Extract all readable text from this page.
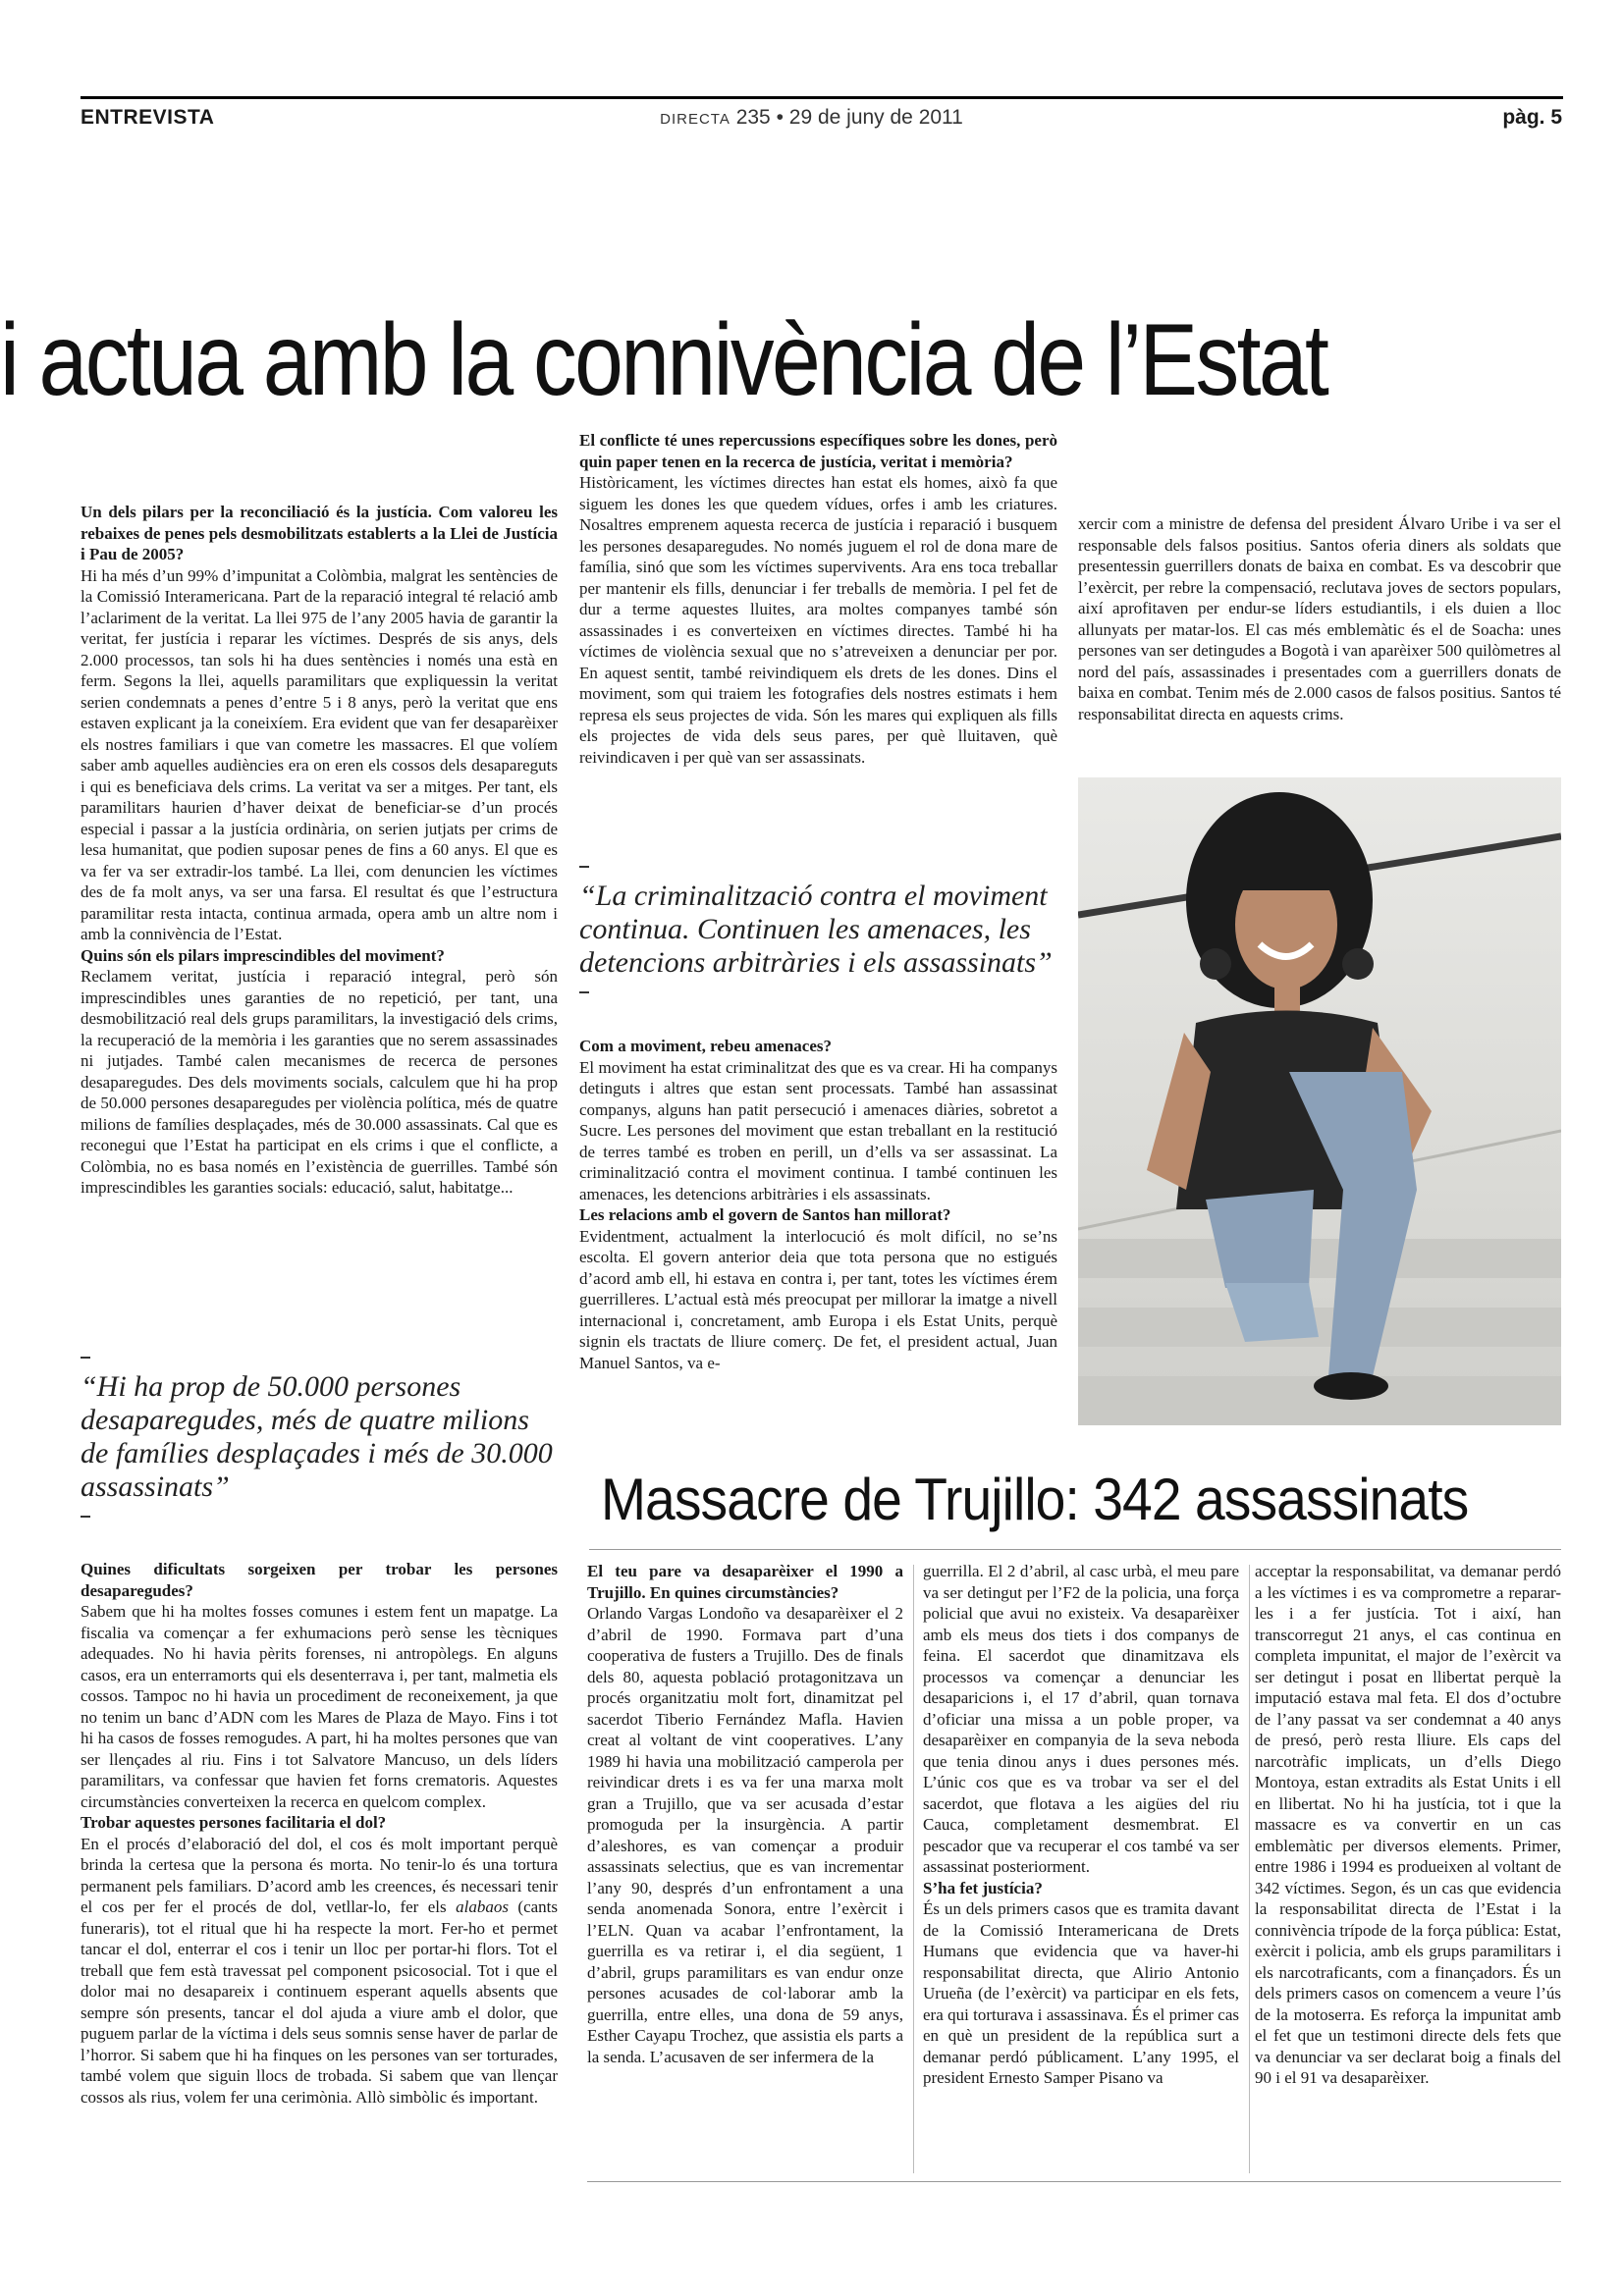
ENTREVISTA	DIRECTA 235 • 29 de juny de 2011	pàg. 5
i actua amb la connivència de l’Estat

Un dels pilars per la reconciliació és la justícia. Com valoreu les rebaixes de penes pels desmobilitzats establerts a la Llei de Justícia i Pau de 2005?

Hi ha més d’un 99% d’impunitat a Colòmbia, malgrat les sentències de la Comissió Interamericana. Part de la reparació integral té relació amb l’aclariment de la veritat. La llei 975 de l’any 2005 havia de garantir la veritat, fer justícia i reparar les víctimes. Després de sis anys, dels 2.000 processos, tan sols hi ha dues sentències i només una està en ferm. Segons la llei, aquells paramilitars que expliquessin la veritat serien condemnats a penes d’entre 5 i 8 anys, però la veritat que ens estaven explicant ja la coneixíem. Era evident que van fer desaparèixer els nostres familiars i que van cometre les massacres. El que volíem saber amb aquelles audiències era on eren els cossos dels desapareguts i qui es beneficiava dels crims. La veritat va ser a mitges. Per tant, els paramilitars haurien d’haver deixat de beneficiar-se d’un procés especial i passar a la justícia ordinària, on serien jutjats per crims de lesa humanitat, que podien suposar penes de fins a 60 anys. El que es va fer va ser extradir-los també. La llei, com denuncien les víctimes des de fa molt anys, va ser una farsa. El resultat és que l’estructura paramilitar resta intacta, continua armada, opera amb un altre nom i amb la connivència de l’Estat.

Quins són els pilars imprescindibles del moviment?

Reclamem veritat, justícia i reparació integral, però són imprescindibles unes garanties de no repetició, per tant, una desmobilització real dels grups paramilitars, la investigació dels crims, la recuperació de la memòria i les garanties que no serem assassinades ni jutjades. També calen mecanismes de recerca de persones desaparegudes. Des dels moviments socials, calculem que hi ha prop de 50.000 persones desaparegudes per violència política, més de quatre milions de famílies desplaçades, més de 30.000 assassinats. Cal que es reconegui que l’Estat ha participat en els crims i que el conflicte, a Colòmbia, no es basa només en l’existència de guerrilles. També són imprescindibles les garanties socials: educació, salut, habitatge...

“Hi ha prop de 50.000 persones desaparegudes, més de quatre milions de famílies desplaçades i més de 30.000 assassinats”

Quines dificultats sorgeixen per trobar les persones desaparegudes?

Sabem que hi ha moltes fosses comunes i estem fent un mapatge. La fiscalia va començar a fer exhumacions però sense les tècniques adequades. No hi havia pèrits forenses, ni antropòlegs. En alguns casos, era un enterramorts qui els desenterrava i, per tant, malmetia els cossos. Tampoc no hi havia un procediment de reconeixement, ja que no tenim un banc d’ADN com les Mares de Plaza de Mayo. Fins i tot hi ha casos de fosses remogudes. A part, hi ha moltes persones que van ser llençades al riu. Fins i tot Salvatore Mancuso, un dels líders paramilitars, va confessar que havien fet forns crematoris. Aquestes circumstàncies converteixen la recerca en quelcom complex.

Trobar aquestes persones facilitaria el dol?

En el procés d’elaboració del dol, el cos és molt important perquè brinda la certesa que la persona és morta. No tenir-lo és una tortura permanent pels familiars. D’acord amb les creences, és necessari tenir el cos per fer el procés de dol, vetllar-lo, fer els alabaos (cants funeraris), tot el ritual que hi ha respecte la mort. Fer-ho et permet tancar el dol, enterrar el cos i tenir un lloc per portar-hi flors. Tot el treball que fem està travessat pel component psicosocial. Tot i que el dolor mai no desapareix i continuem esperant aquells absents que sempre són presents, tancar el dol ajuda a viure amb el dolor, que puguem parlar de la víctima i dels seus somnis sense haver de parlar de l’horror. Si sabem que hi ha finques on les persones van ser torturades, també volem que siguin llocs de trobada. Si sabem que van llençar cossos als rius, volem fer una cerimònia. Allò simbòlic és important.

El conflicte té unes repercussions específiques sobre les dones, però quin paper tenen en la recerca de justícia, veritat i memòria?

Històricament, les víctimes directes han estat els homes, això fa que siguem les dones les que quedem vídues, orfes i amb les criatures. Nosaltres emprenem aquesta recerca de justícia i reparació i busquem les persones desaparegudes. No només juguem el rol de dona mare de família, sinó que som les víctimes supervivents. Ara ens toca treballar per mantenir els fills, denunciar i fer treballs de memòria. I pel fet de dur a terme aquestes lluites, ara moltes companyes també són assassinades i es converteixen en víctimes directes. També hi ha víctimes de violència sexual que no s’atreveixen a denunciar per por. En aquest sentit, també reivindiquem els drets de les dones. Dins el moviment, som qui traiem les fotografies dels nostres estimats i hem represa els seus projectes de vida. Són les mares qui expliquen als fills els projectes de vida dels seus pares, per què lluitaven, què reivindicaven i per què van ser assassinats.

“La criminalització contra el moviment continua. Continuen les amenaces, les detencions arbitràries i els assassinats”

Com a moviment, rebeu amenaces?

El moviment ha estat criminalitzat des que es va crear. Hi ha companys detinguts i altres que estan sent processats. També han assassinat companys, alguns han patit persecució i amenaces diàries, sobretot a Sucre. Les persones del moviment que estan treballant en la restitució de terres també es troben en perill, un d’ells va ser assassinat. La criminalització contra el moviment continua. I també continuen les amenaces, les detencions arbitràries i els assassinats.

Les relacions amb el govern de Santos han millorat?

Evidentment, actualment la interlocució és molt difícil, no se’ns escolta. El govern anterior deia que tota persona que no estigués d’acord amb ell, hi estava en contra i, per tant, totes les víctimes érem guerrilleres. L’actual està més preocupat per millorar la imatge a nivell internacional i, concretament, amb Europa i els Estat Units, perquè signin els tractats de lliure comerç. De fet, el president actual, Juan Manuel Santos, va e-

xercir com a ministre de defensa del president Álvaro Uribe i va ser el responsable dels falsos positius. Santos oferia diners als soldats que presentessin guerrillers donats de baixa en combat. Es va descobrir que l’exèrcit, per rebre la compensació, reclutava joves de sectors populars, així aprofitaven per endur-se líders estudiantils, i els duien a lloc allunyats per matar-los. El cas més emblemàtic és el de Soacha: unes persones van ser detingudes a Bogotà i van aparèixer 500 quilòmetres al nord del país, assassinades i presentades com a guerrillers donats de baixa en combat. Tenim més de 2.000 casos de falsos positius. Santos té responsabilitat directa en aquests crims.

Massacre de Trujillo: 342 assassinats

El teu pare va desaparèixer el 1990 a Trujillo. En quines circumstàncies?

Orlando Vargas Londoño va desaparèixer el 2 d’abril de 1990. Formava part d’una cooperativa de fusters a Trujillo. Des de finals dels 80, aquesta població protagonitzava un procés organitzatiu molt fort, dinamitzat pel sacerdot Tiberio Fernández Mafla. Havien creat al voltant de vint cooperatives. L’any 1989 hi havia una mobilització camperola per reivindicar drets i es va fer una marxa molt gran a Trujillo, que va ser acusada d’estar promoguda per la insurgència. A partir d’aleshores, es van començar a produir assassinats selectius, que es van incrementar l’any 90, després d’un enfrontament a una senda anomenada Sonora, entre l’exèrcit i l’ELN. Quan va acabar l’enfrontament, la guerrilla es va retirar i, el dia següent, 1 d’abril, grups paramilitars es van endur onze persones acusades de col·laborar amb la guerrilla, entre elles, una dona de 59 anys, Esther Cayapu Trochez, que assistia els parts a la senda. L’acusaven de ser infermera de la

guerrilla. El 2 d’abril, al casc urbà, el meu pare va ser detingut per l’F2 de la policia, una força policial que avui no existeix. Va desaparèixer amb els meus dos tiets i dos companys de feina. El sacerdot que dinamitzava els processos va començar a denunciar les desaparicions i, el 17 d’abril, quan tornava d’oficiar una missa a un poble proper, va desaparèixer en companyia de la seva neboda que tenia dinou anys i dues persones més. L’únic cos que es va trobar va ser el del sacerdot, que flotava a les aigües del riu Cauca, completament desmembrat. El pescador que va recuperar el cos també va ser assassinat posteriorment.

S’ha fet justícia?

És un dels primers casos que es tramita davant de la Comissió Interamericana de Drets Humans que evidencia que va haver-hi responsabilitat directa, que Alirio Antonio Urueña (de l’exèrcit) va participar en els fets, era qui torturava i assassinava. És el primer cas en què un president de la república surt a demanar perdó públicament. L’any 1995, el president Ernesto Samper Pisano va

acceptar la responsabilitat, va demanar perdó a les víctimes i es va comprometre a reparar-les i a fer justícia. Tot i així, han transcorregut 21 anys, el cas continua en completa impunitat, el major de l’exèrcit va ser detingut i posat en llibertat perquè la imputació estava mal feta. El dos d’octubre de l’any passat va ser condemnat a 40 anys de presó, però resta lliure. Els caps del narcotràfic implicats, un d’ells Diego Montoya, estan extradits als Estat Units i ell en llibertat. No hi ha justícia, tot i que la massacre es va convertir en un cas emblemàtic per diversos elements. Primer, entre 1986 i 1994 es produeixen al voltant de 342 víctimes. Segon, és un cas que evidencia la responsabilitat directa de l’Estat i la connivència trípode de la força pública: Estat, exèrcit i policia, amb els grups paramilitars i els narcotraficants, com a finançadors. És un dels primers casos on comencem a veure l’ús de la motoserra. Es reforça la impunitat amb el fet que un testimoni directe dels fets que va denunciar va ser declarat boig a finals del 90 i el 91 va desaparèixer.
